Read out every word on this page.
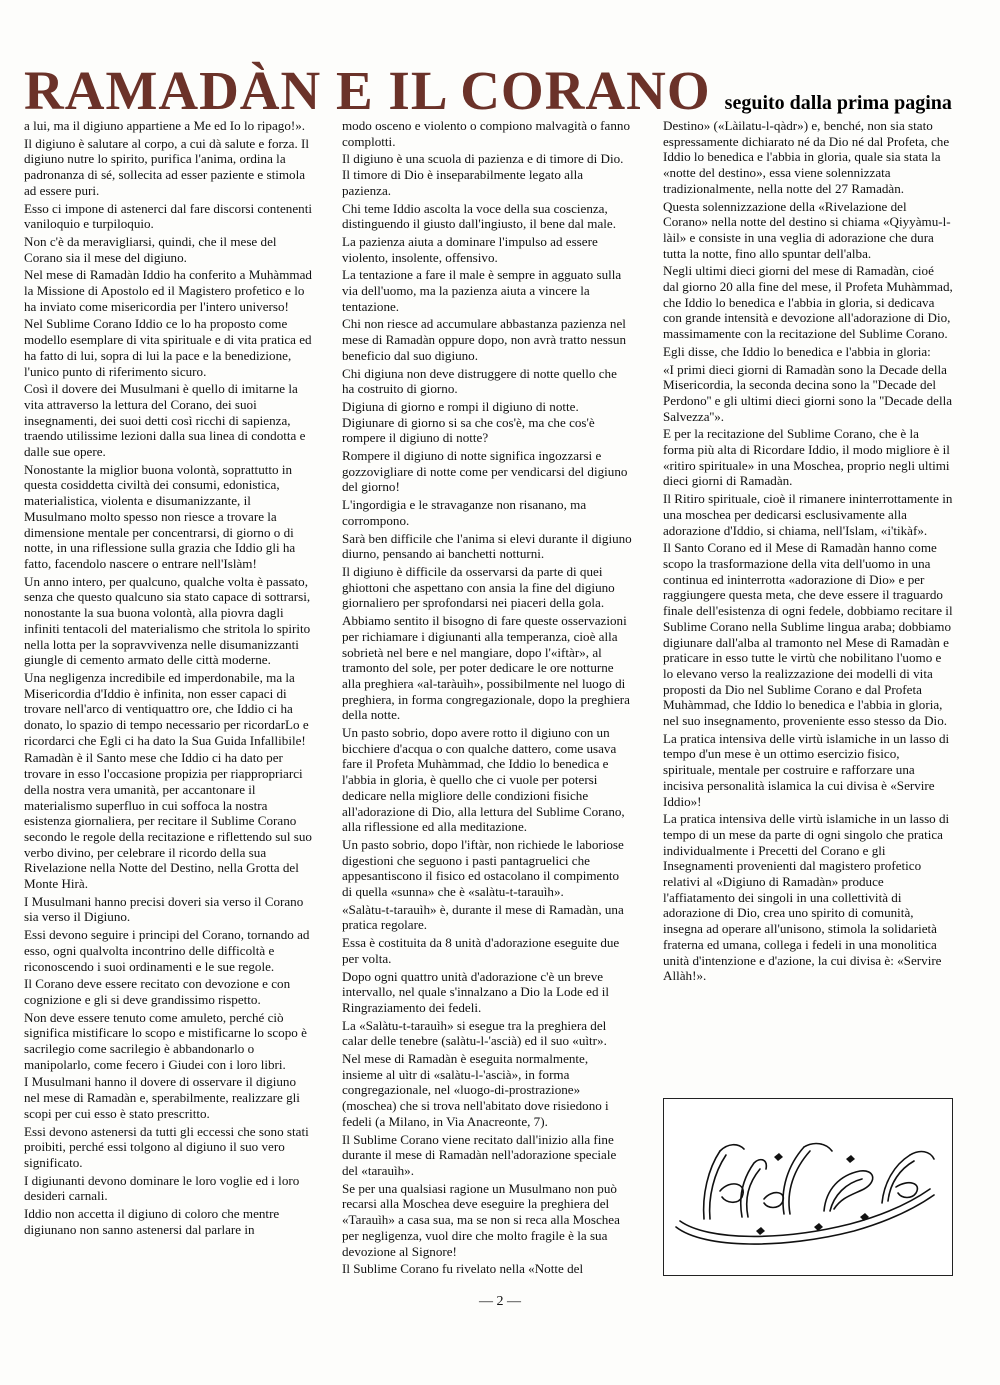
RAMADÀN E IL CORANO seguito dalla prima pagina

a lui, ma il digiuno appartiene a Me ed Io lo ripago!».

Il digiuno è salutare al corpo, a cui dà salute e forza. Il digiuno nutre lo spirito, purifica l'anima, ordina la padronanza di sé, sollecita ad esser paziente e stimola ad essere puri.

Esso ci impone di astenerci dal fare discorsi contenenti vaniloquio e turpiloquio.

Non c'è da meravigliarsi, quindi, che il mese del Corano sia il mese del digiuno.

Nel mese di Ramadàn Iddio ha conferito a Muhàmmad la Missione di Apostolo ed il Magistero profetico e lo ha inviato come misericordia per l'intero universo!

Nel Sublime Corano Iddio ce lo ha proposto come modello esemplare di vita spirituale e di vita pratica ed ha fatto di lui, sopra di lui la pace e la benedizione, l'unico punto di riferimento sicuro.

Così il dovere dei Musulmani è quello di imitarne la vita attraverso la lettura del Corano, dei suoi insegnamenti, dei suoi detti così ricchi di sapienza, traendo utilissime lezioni dalla sua linea di condotta e dalle sue opere.

Nonostante la miglior buona volontà, soprattutto in questa cosiddetta civiltà dei consumi, edonistica, materialistica, violenta e disumanizzante, il Musulmano molto spesso non riesce a trovare la dimensione mentale per concentrarsi, di giorno o di notte, in una riflessione sulla grazia che Iddio gli ha fatto, facendolo nascere o entrare nell'Islàm!

Un anno intero, per qualcuno, qualche volta è passato, senza che questo qualcuno sia stato capace di sottrarsi, nonostante la sua buona volontà, alla piovra dagli infiniti tentacoli del materialismo che stritola lo spirito nella lotta per la sopravvivenza nelle disumanizzanti giungle di cemento armato delle città moderne.

Una negligenza incredibile ed imperdonabile, ma la Misericordia d'Iddio è infinita, non esser capaci di trovare nell'arco di ventiquattro ore, che Iddio ci ha donato, lo spazio di tempo necessario per ricordarLo e ricordarci che Egli ci ha dato la Sua Guida Infallibile!

Ramadàn è il Santo mese che Iddio ci ha dato per trovare in esso l'occasione propizia per riappropriarci della nostra vera umanità, per accantonare il materialismo superfluo in cui soffoca la nostra esistenza giornaliera, per recitare il Sublime Corano secondo le regole della recitazione e riflettendo sul suo verbo divino, per celebrare il ricordo della sua Rivelazione nella Notte del Destino, nella Grotta del Monte Hirà.

I Musulmani hanno precisi doveri sia verso il Corano sia verso il Digiuno.

Essi devono seguire i principi del Corano, tornando ad esso, ogni qualvolta incontrino delle difficoltà e riconoscendo i suoi ordinamenti e le sue regole.

Il Corano deve essere recitato con devozione e con cognizione e gli si deve grandissimo rispetto.

Non deve essere tenuto come amuleto, perché ciò significa mistificare lo scopo e mistificarne lo scopo è sacrilegio come sacrilegio è abbandonarlo o manipolarlo, come fecero i Giudei con i loro libri.

I Musulmani hanno il dovere di osservare il digiuno nel mese di Ramadàn e, sperabilmente, realizzare gli scopi per cui esso è stato prescritto.

Essi devono astenersi da tutti gli eccessi che sono stati proibiti, perché essi tolgono al digiuno il suo vero significato.

I digiunanti devono dominare le loro voglie ed i loro desideri carnali.

Iddio non accetta il digiuno di coloro che mentre digiunano non sanno astenersi dal parlare in

modo osceno e violento o compiono malvagità o fanno complotti.

Il digiuno è una scuola di pazienza e di timore di Dio. Il timore di Dio è inseparabilmente legato alla pazienza.

Chi teme Iddio ascolta la voce della sua coscienza, distinguendo il giusto dall'ingiusto, il bene dal male.

La pazienza aiuta a dominare l'impulso ad essere violento, insolente, offensivo.

La tentazione a fare il male è sempre in agguato sulla via dell'uomo, ma la pazienza aiuta a vincere la tentazione.

Chi non riesce ad accumulare abbastanza pazienza nel mese di Ramadàn oppure dopo, non avrà tratto nessun beneficio dal suo digiuno.

Chi digiuna non deve distruggere di notte quello che ha costruito di giorno.

Digiuna di giorno e rompi il digiuno di notte. Digiunare di giorno si sa che cos'è, ma che cos'è rompere il digiuno di notte?

Rompere il digiuno di notte significa ingozzarsi e gozzovigliare di notte come per vendicarsi del digiuno del giorno!

L'ingordigia e le stravaganze non risanano, ma corrompono.

Sarà ben difficile che l'anima si elevi durante il digiuno diurno, pensando ai banchetti notturni.

Il digiuno è difficile da osservarsi da parte di quei ghiottoni che aspettano con ansia la fine del digiuno giornaliero per sprofondarsi nei piaceri della gola.

Abbiamo sentito il bisogno di fare queste osservazioni per richiamare i digiunanti alla temperanza, cioè alla sobrietà nel bere e nel mangiare, dopo l'«iftàr», al tramonto del sole, per poter dedicare le ore notturne alla preghiera «al-taràuìh», possibilmente nel luogo di preghiera, in forma congregazionale, dopo la preghiera della notte.

Un pasto sobrio, dopo avere rotto il digiuno con un bicchiere d'acqua o con qualche dattero, come usava fare il Profeta Muhàmmad, che Iddio lo benedica e l'abbia in gloria, è quello che ci vuole per potersi dedicare nella migliore delle condizioni fisiche all'adorazione di Dio, alla lettura del Sublime Corano, alla riflessione ed alla meditazione.

Un pasto sobrio, dopo l'iftàr, non richiede le laboriose digestioni che seguono i pasti pantagruelici che appesantiscono il fisico ed ostacolano il compimento di quella «sunna» che è «salàtu-t-tarauìh».

«Salàtu-t-tarauìh» è, durante il mese di Ramadàn, una pratica regolare.

Essa è costituita da 8 unità d'adorazione eseguite due per volta.

Dopo ogni quattro unità d'adorazione c'è un breve intervallo, nel quale s'innalzano a Dio la Lode ed il Ringraziamento dei fedeli.

La «Salàtu-t-tarauìh» si esegue tra la preghiera del calar delle tenebre (salàtu-l-'ascià) ed il suo «uìtr».

Nel mese di Ramadàn è eseguita normalmente, insieme al uìtr di «salàtu-l-'ascià», in forma congregazionale, nel «luogo-di-prostrazione» (moschea) che si trova nell'abitato dove risiedono i fedeli (a Milano, in Via Anacreonte, 7).

Il Sublime Corano viene recitato dall'inizio alla fine durante il mese di Ramadàn nell'adorazione speciale del «tarauìh».

Se per una qualsiasi ragione un Musulmano non può recarsi alla Moschea deve eseguire la preghiera del «Tarauìh» a casa sua, ma se non si reca alla Moschea per negligenza, vuol dire che molto fragile è la sua devozione al Signore!

Il Sublime Corano fu rivelato nella «Notte del

Destino» («Làilatu-l-qàdr») e, benché, non sia stato espressamente dichiarato né da Dio né dal Profeta, che Iddio lo benedica e l'abbia in gloria, quale sia stata la «notte del destino», essa viene solennizzata tradizionalmente, nella notte del 27 Ramadàn.

Questa solennizzazione della «Rivelazione del Corano» nella notte del destino si chiama «Qiyyàmu-l-làil» e consiste in una veglia di adorazione che dura tutta la notte, fino allo spuntar dell'alba.

Negli ultimi dieci giorni del mese di Ramadàn, cioé dal giorno 20 alla fine del mese, il Profeta Muhàmmad, che Iddio lo benedica e l'abbia in gloria, si dedicava con grande intensità e devozione all'adorazione di Dio, massimamente con la recitazione del Sublime Corano.

Egli disse, che Iddio lo benedica e l'abbia in gloria:

«I primi dieci giorni di Ramadàn sono la Decade della Misericordia, la seconda decina sono la ''Decade del Perdono'' e gli ultimi dieci giorni sono la ''Decade della Salvezza''».

E per la recitazione del Sublime Corano, che è la forma più alta di Ricordare Iddio, il modo migliore è il «ritiro spirituale» in una Moschea, proprio negli ultimi dieci giorni di Ramadàn.

Il Ritiro spirituale, cioè il rimanere ininterrottamente in una moschea per dedicarsi esclusivamente alla adorazione d'Iddio, si chiama, nell'Islam, «i'tikàf».

Il Santo Corano ed il Mese di Ramadàn hanno come scopo la trasformazione della vita dell'uomo in una continua ed ininterrotta «adorazione di Dio» e per raggiungere questa meta, che deve essere il traguardo finale dell'esistenza di ogni fedele, dobbiamo recitare il Sublime Corano nella Sublime lingua araba; dobbiamo digiunare dall'alba al tramonto nel Mese di Ramadàn e praticare in esso tutte le virtù che nobilitano l'uomo e lo elevano verso la realizzazione dei modelli di vita proposti da Dio nel Sublime Corano e dal Profeta Muhàmmad, che Iddio lo benedica e l'abbia in gloria, nel suo insegnamento, proveniente esso stesso da Dio.

La pratica intensiva delle virtù islamiche in un lasso di tempo d'un mese è un ottimo esercizio fisico, spirituale, mentale per costruire e rafforzare una incisiva personalità islamica la cui divisa è «Servire Iddio»!

La pratica intensiva delle virtù islamiche in un lasso di tempo di un mese da parte di ogni singolo che pratica individualmente i Precetti del Corano e gli Insegnamenti provenienti dal magistero profetico relativi al «Digiuno di Ramadàn» produce l'affiatamento dei singoli in una collettività di adorazione di Dio, crea uno spirito di comunità, insegna ad operare all'unisono, stimola la solidarietà fraterna ed umana, collega i fedeli in una monolitica unità d'intenzione e d'azione, la cui divisa è: «Servire Allàh!».

— 2 —
